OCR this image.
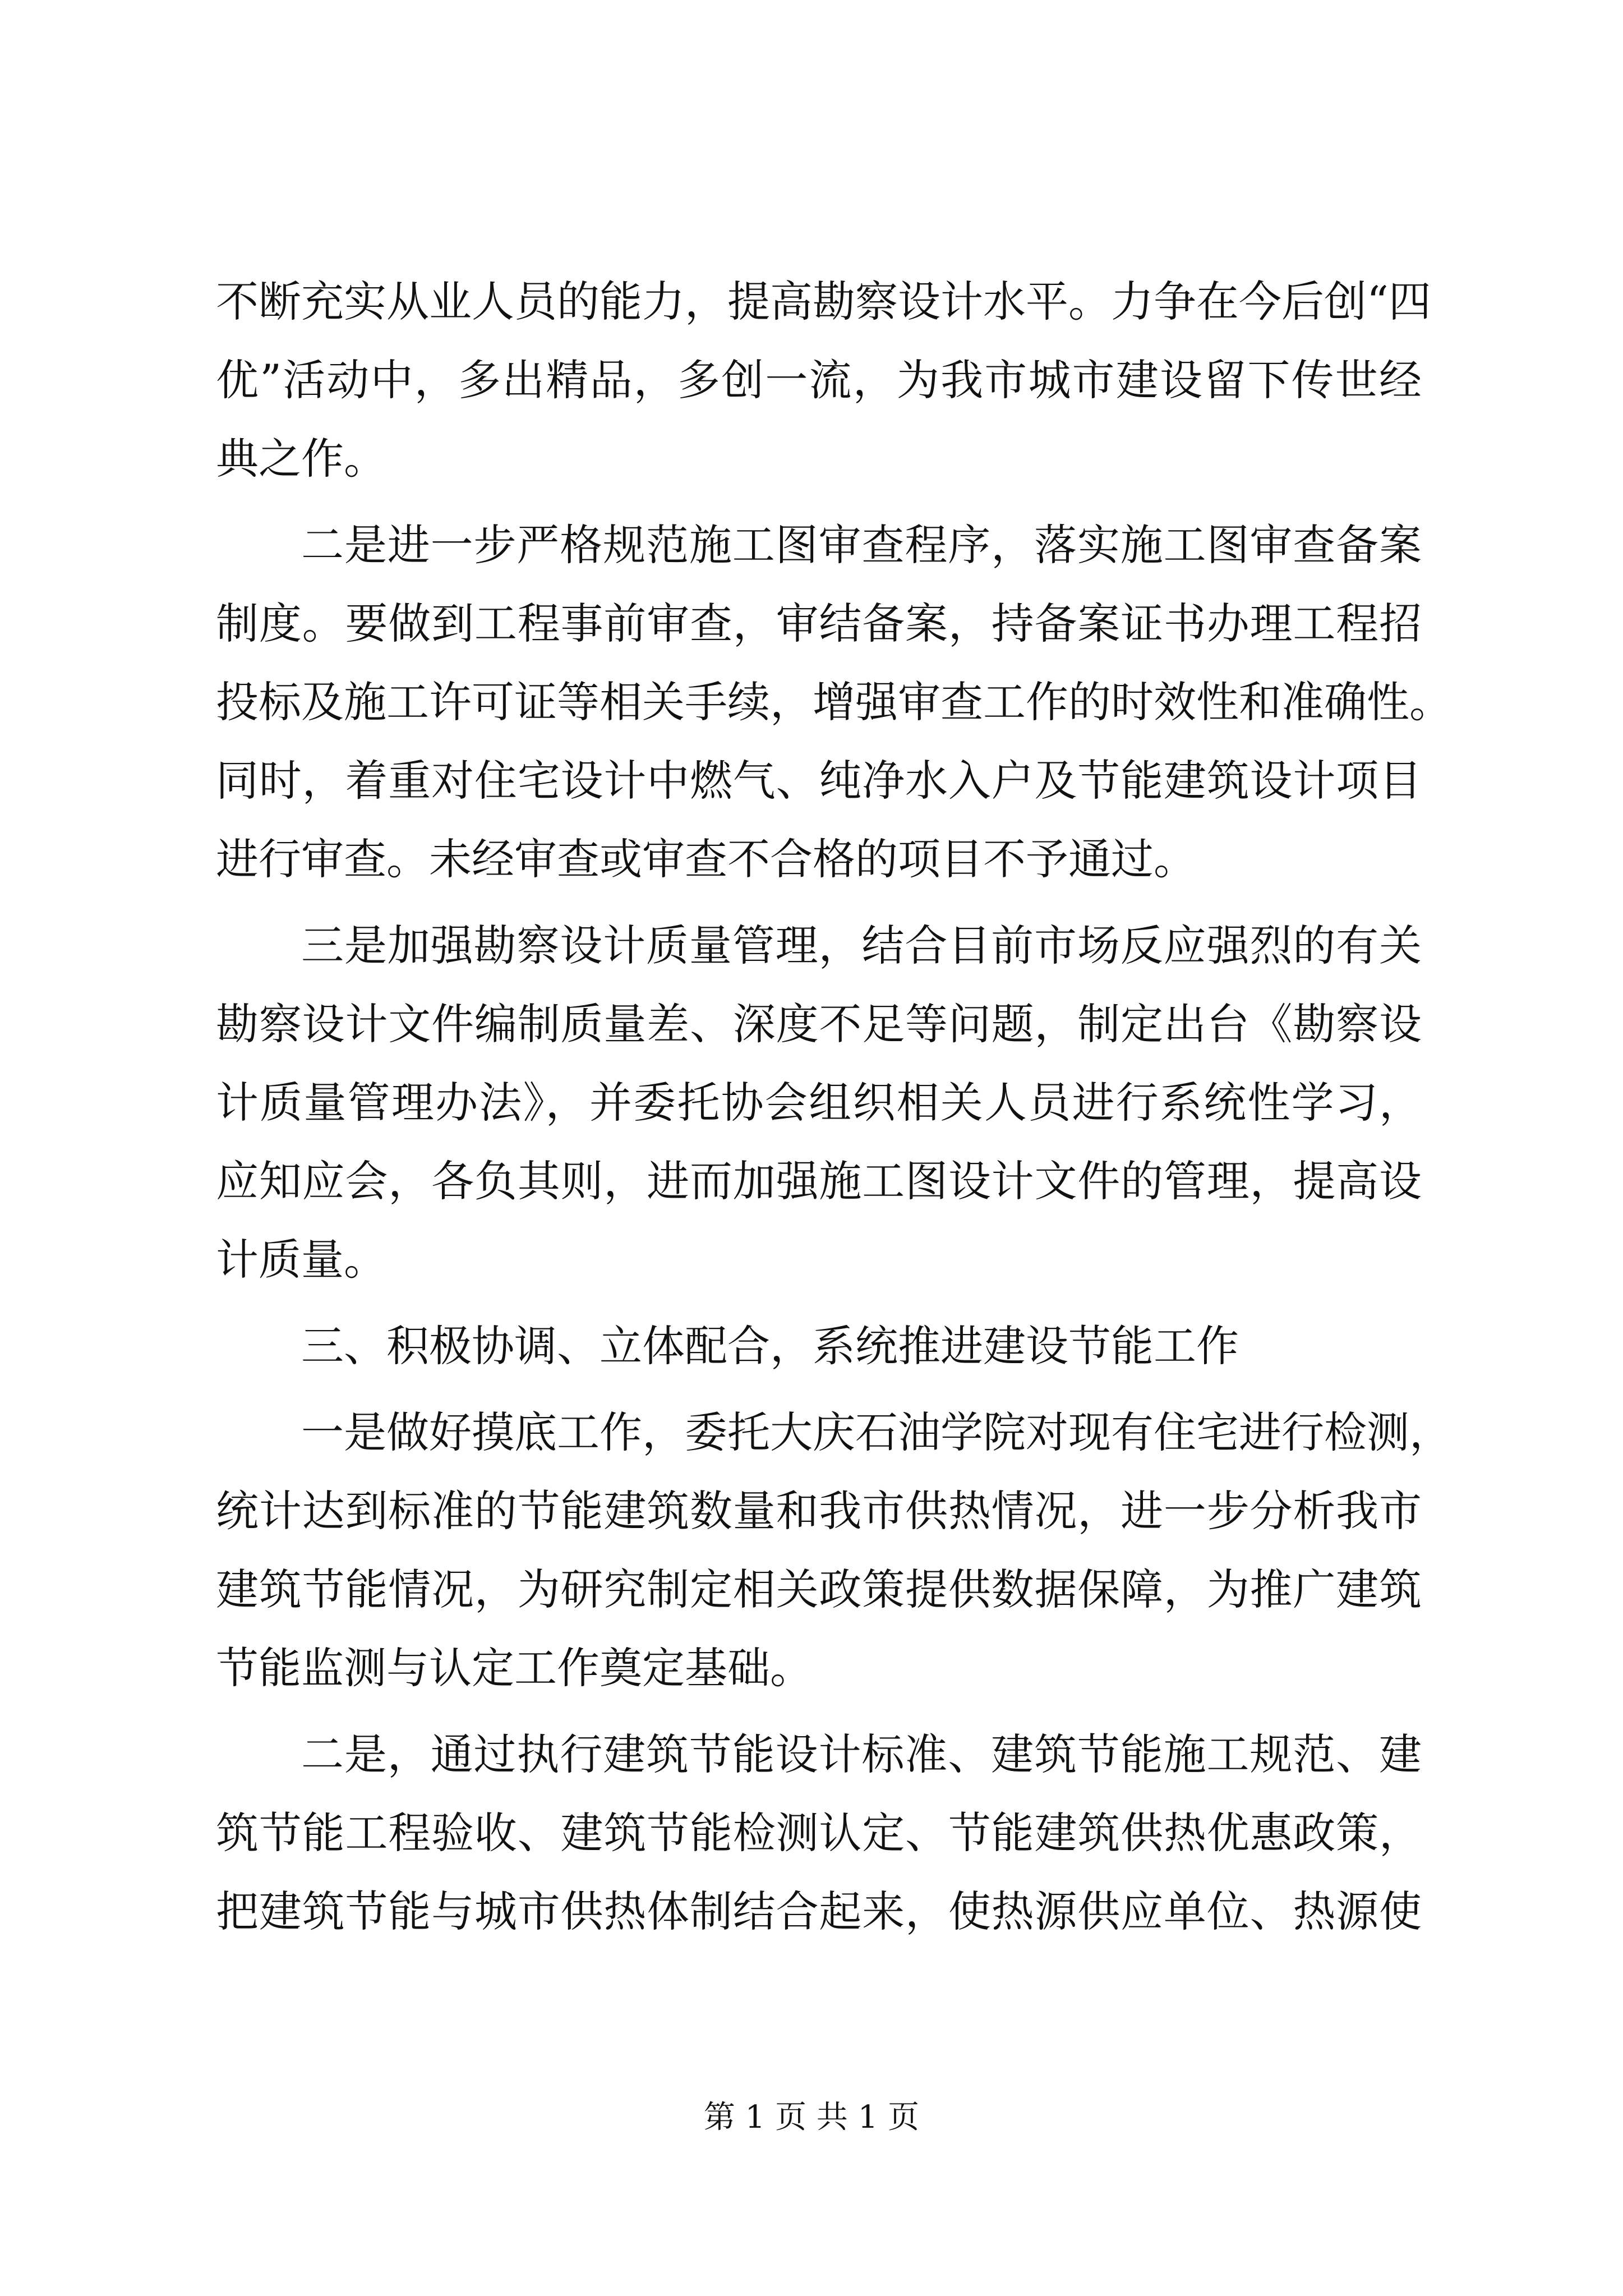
不断充实从业人员的能力，提高勘察设计水平。力争在今后创“四
优”活动中，多出精品，多创一流，为我市城市建设留下传世经
典之作。
二是进一步严格规范施工图审查程序，落实施工图审查备案
制度。要做到工程事前审查，审结备案，持备案证书办理工程招
投标及施工许可证等相关手续，增强审查工作的时效性和准确性。
同时，着重对住宅设计中燃气、纯净水入户及节能建筑设计项目
进行审查。未经审查或审查不合格的项目不予通过。
三是加强勘察设计质量管理，结合目前市场反应强烈的有关
勘察设计文件编制质量差、深度不足等问题，制定出台《勘察设
计质量管理办法》，并委托协会组织相关人员进行系统性学习，
应知应会，各负其则，进而加强施工图设计文件的管理，提高设
计质量。
三、积极协调、立体配合，系统推进建设节能工作
一是做好摸底工作，委托大庆石油学院对现有住宅进行检测，
统计达到标准的节能建筑数量和我市供热情况，进一步分析我市
建筑节能情况，为研究制定相关政策提供数据保障，为推广建筑
节能监测与认定工作奠定基础。
二是，通过执行建筑节能设计标准、建筑节能施工规范、建
筑节能工程验收、建筑节能检测认定、节能建筑供热优惠政策，
把建筑节能与城市供热体制结合起来，使热源供应单位、热源使
第 1 页 共 1 页
